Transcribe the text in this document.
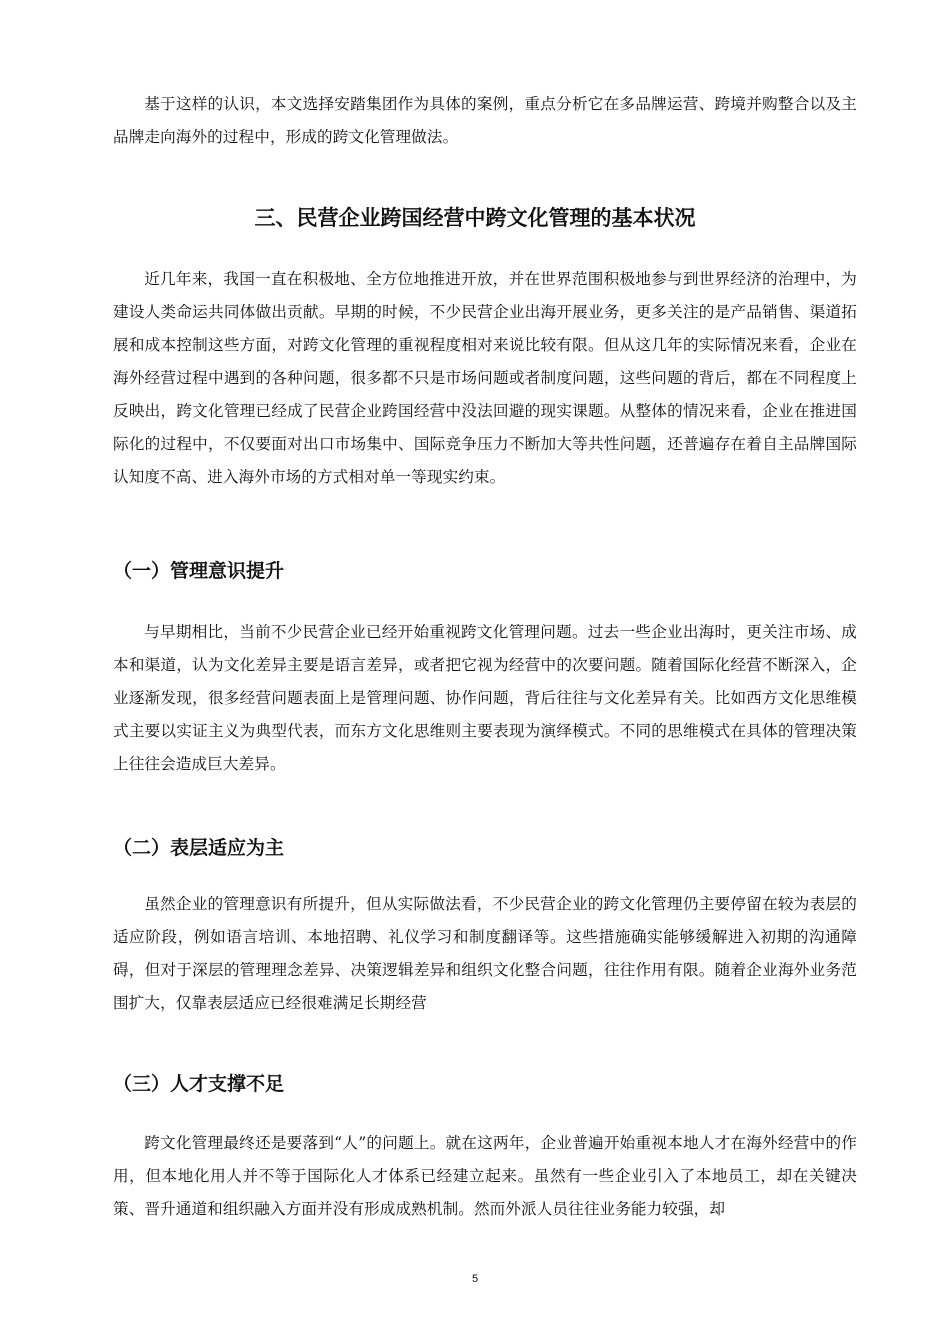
基于这样的认识，本文选择安踏集团作为具体的案例，重点分析它在多品牌运营、跨境并购整合以及主品牌走向海外的过程中，形成的跨文化管理做法。

三、民营企业跨国经营中跨文化管理的基本状况

近几年来，我国一直在积极地、全方位地推进开放，并在世界范围积极地参与到世界经济的治理中，为建设人类命运共同体做出贡献。早期的时候，不少民营企业出海开展业务，更多关注的是产品销售、渠道拓展和成本控制这些方面，对跨文化管理的重视程度相对来说比较有限。但从这几年的实际情况来看，企业在海外经营过程中遇到的各种问题，很多都不只是市场问题或者制度问题，这些问题的背后，都在不同程度上反映出，跨文化管理已经成了民营企业跨国经营中没法回避的现实课题。从整体的情况来看，企业在推进国际化的过程中，不仅要面对出口市场集中、国际竞争压力不断加大等共性问题，还普遍存在着自主品牌国际认知度不高、进入海外市场的方式相对单一等现实约束。

（一）管理意识提升

与早期相比，当前不少民营企业已经开始重视跨文化管理问题。过去一些企业出海时，更关注市场、成本和渠道，认为文化差异主要是语言差异，或者把它视为经营中的次要问题。随着国际化经营不断深入，企业逐渐发现，很多经营问题表面上是管理问题、协作问题，背后往往与文化差异有关。比如西方文化思维模式主要以实证主义为典型代表，而东方文化思维则主要表现为演绎模式。不同的思维模式在具体的管理决策上往往会造成巨大差异。

（二）表层适应为主

虽然企业的管理意识有所提升，但从实际做法看，不少民营企业的跨文化管理仍主要停留在较为表层的适应阶段，例如语言培训、本地招聘、礼仪学习和制度翻译等。这些措施确实能够缓解进入初期的沟通障碍，但对于深层的管理理念差异、决策逻辑差异和组织文化整合问题，往往作用有限。随着企业海外业务范围扩大，仅靠表层适应已经很难满足长期经营

（三）人才支撑不足

跨文化管理最终还是要落到“人”的问题上。就在这两年，企业普遍开始重视本地人才在海外经营中的作用，但本地化用人并不等于国际化人才体系已经建立起来。虽然有一些企业引入了本地员工，却在关键决策、晋升通道和组织融入方面并没有形成成熟机制。然而外派人员往往业务能力较强，却

5
